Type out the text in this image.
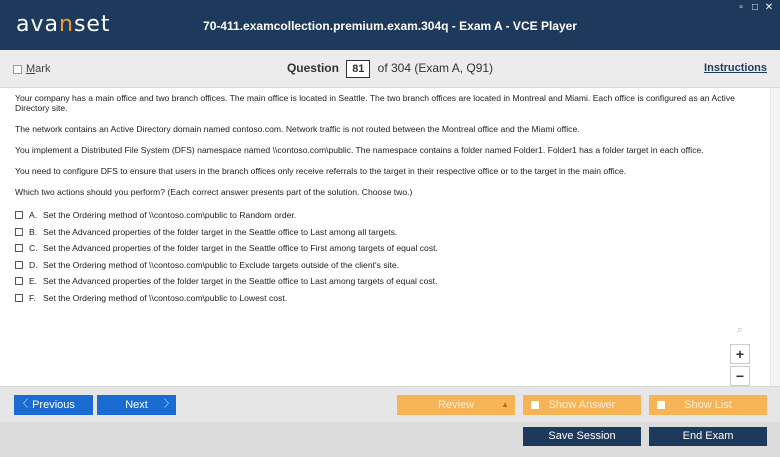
avanset	70-411.examcollection.premium.exam.304q - Exam A - VCE Player
▫ □ ✕
Mark	Question 81 of 304 (Exam A, Q91)	Instructions

Your company has a main office and two branch offices. The main office is located in Seattle. The two branch offices are located in Montreal and Miami. Each office is configured as an Active Directory site.

The network contains an Active Directory domain named contoso.com. Network traffic is not routed between the Montreal office and the Miami office.

You implement a Distributed File System (DFS) namespace named \\contoso.com\public. The namespace contains a folder named Folder1. Folder1 has a folder target in each office.

You need to configure DFS to ensure that users in the branch offices only receive referrals to the target in their respective office or to the target in the main office.

Which two actions should you perform? (Each correct answer presents part of the solution. Choose two.)

A. Set the Ordering method of \\contoso.com\public to Random order.
B. Set the Advanced properties of the folder target in the Seattle office to Last among all targets.
C. Set the Advanced properties of the folder target in the Seattle office to First among targets of equal cost.
D. Set the Ordering method of \\contoso.com\public to Exclude targets outside of the client's site.
E. Set the Advanced properties of the folder target in the Seattle office to Last among targets of equal cost.
F. Set the Ordering method of \\contoso.com\public to Lowest cost.
⌕
+
−
〈 Previous	Next 〉	Review	▲	Show Answer	Show List
Save Session	End Exam
